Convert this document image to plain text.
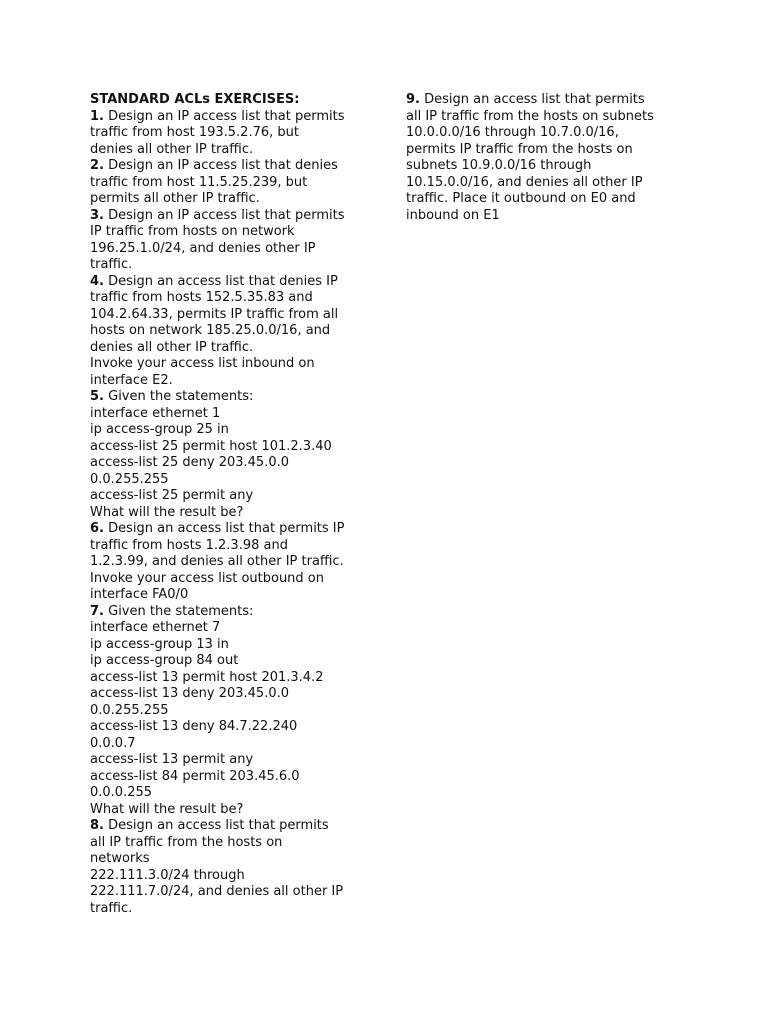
STANDARD ACLs EXERCISES:
1. Design an IP access list that permits
traffic from host 193.5.2.76, but
denies all other IP traffic.
2. Design an IP access list that denies
traffic from host 11.5.25.239, but
permits all other IP traffic.
3. Design an IP access list that permits
IP traffic from hosts on network
196.25.1.0/24, and denies other IP
traffic.
4. Design an access list that denies IP
traffic from hosts 152.5.35.83 and
104.2.64.33, permits IP traffic from all
hosts on network 185.25.0.0/16, and
denies all other IP traffic.
Invoke your access list inbound on
interface E2.
5. Given the statements:
interface ethernet 1
ip access-group 25 in
access-list 25 permit host 101.2.3.40
access-list 25 deny 203.45.0.0
0.0.255.255
access-list 25 permit any
What will the result be?
6. Design an access list that permits IP
traffic from hosts 1.2.3.98 and
1.2.3.99, and denies all other IP traffic.
Invoke your access list outbound on
interface FA0/0
7. Given the statements:
interface ethernet 7
ip access-group 13 in
ip access-group 84 out
access-list 13 permit host 201.3.4.2
access-list 13 deny 203.45.0.0
0.0.255.255
access-list 13 deny 84.7.22.240
0.0.0.7
access-list 13 permit any
access-list 84 permit 203.45.6.0
0.0.0.255
What will the result be?
8. Design an access list that permits
all IP traffic from the hosts on
networks
222.111.3.0/24 through
222.111.7.0/24, and denies all other IP
traffic.
9. Design an access list that permits
all IP traffic from the hosts on subnets
10.0.0.0/16 through 10.7.0.0/16,
permits IP traffic from the hosts on
subnets 10.9.0.0/16 through
10.15.0.0/16, and denies all other IP
traffic. Place it outbound on E0 and
inbound on E1
